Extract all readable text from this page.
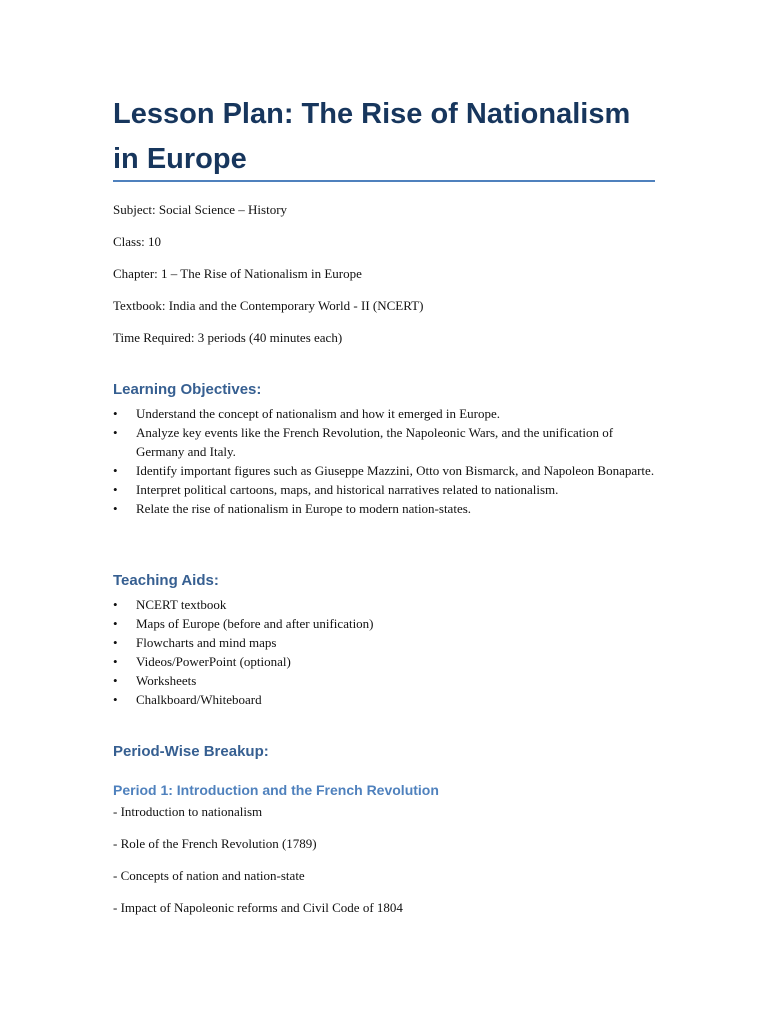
Lesson Plan: The Rise of Nationalism in Europe
Subject: Social Science – History
Class: 10
Chapter: 1 – The Rise of Nationalism in Europe
Textbook: India and the Contemporary World - II (NCERT)
Time Required: 3 periods (40 minutes each)
Learning Objectives:
• Understand the concept of nationalism and how it emerged in Europe.
• Analyze key events like the French Revolution, the Napoleonic Wars, and the unification of Germany and Italy.
• Identify important figures such as Giuseppe Mazzini, Otto von Bismarck, and Napoleon Bonaparte.
• Interpret political cartoons, maps, and historical narratives related to nationalism.
• Relate the rise of nationalism in Europe to modern nation-states.
Teaching Aids:
• NCERT textbook
• Maps of Europe (before and after unification)
• Flowcharts and mind maps
• Videos/PowerPoint (optional)
• Worksheets
• Chalkboard/Whiteboard
Period-Wise Breakup:
Period 1: Introduction and the French Revolution
- Introduction to nationalism
- Role of the French Revolution (1789)
- Concepts of nation and nation-state
- Impact of Napoleonic reforms and Civil Code of 1804
